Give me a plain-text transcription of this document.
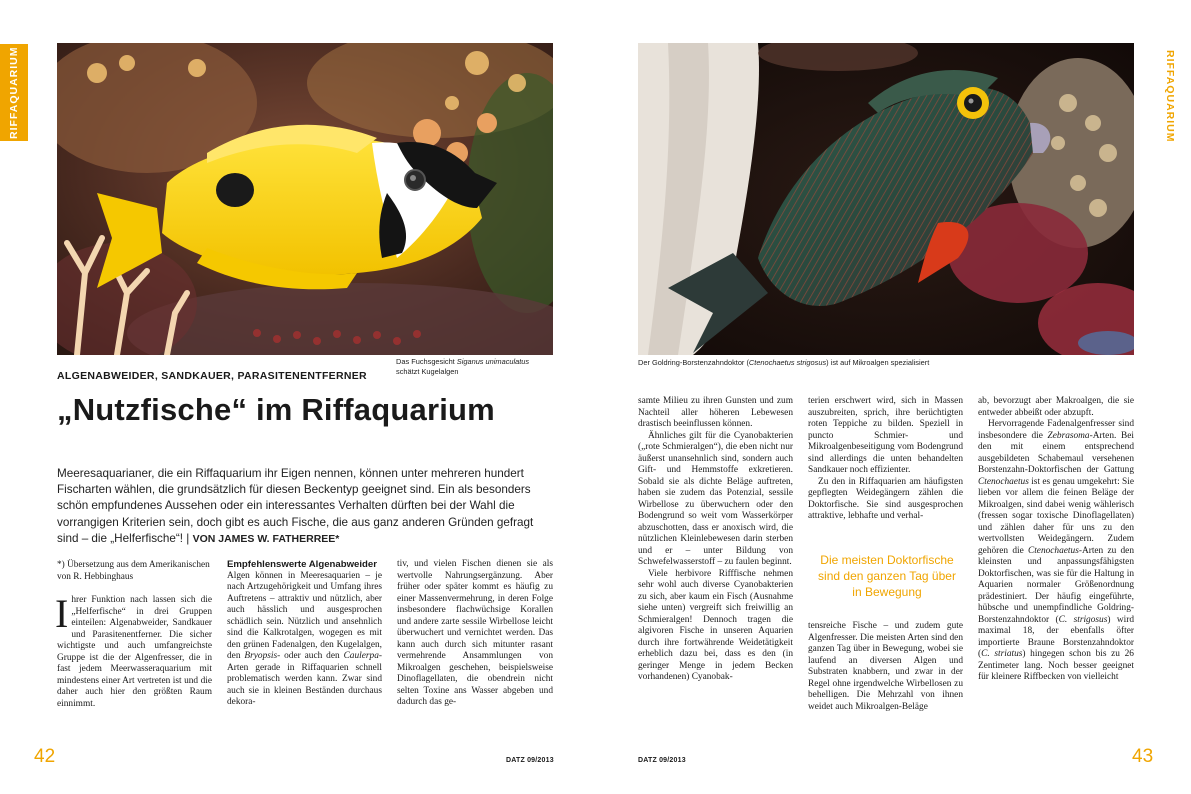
RIFFAQUARIUM
Das Fuchsgesicht Siganus unimaculatus
schätzt Kugelalgen
ALGENABWEIDER, SANDKAUER, PARASITENENTFERNER
„Nutzfische“ im Riffaquarium
Meeresaquarianer, die ein Riffaquarium ihr Eigen nennen, können unter mehreren hundert Fischarten wählen, die grundsätzlich für diesen Beckentyp geeignet sind. Ein als besonders schön empfundenes Aussehen oder ein interessantes Verhalten dürften bei der Wahl die vorrangigen Kriterien sein, doch gibt es auch Fische, die aus ganz anderen Gründen gefragt sind – die „Helferfische“! | VON JAMES W. FATHERREE*
*) Übersetzung aus dem Amerikanischen von R. Hebbinghaus

Ihrer Funktion nach lassen sich die „Helferfische“ in drei Gruppen einteilen: Algenabweider, Sandkauer und Parasitenentferner. Die sicher wichtigste und auch umfangreichste Gruppe ist die der Algenfresser, die in fast jedem Meerwasseraquarium mit mindestens einer Art vertreten ist und die daher auch hier den größten Raum einnimmt.

Empfehlenswerte Algenabweider

Algen können in Meeresaquarien – je nach Artzugehörigkeit und Umfang ihres Auftretens – attraktiv und nützlich, aber auch hässlich und ausgesprochen schädlich sein. Nützlich und ansehnlich sind die Kalkrotalgen, wogegen es mit den grünen Fadenalgen, den Kugelalgen, den Bryopsis- oder auch den Caulerpa-Arten gerade in Riffaquarien schnell problematisch werden kann. Zwar sind auch sie in kleinen Beständen durchaus dekora-

tiv, und vielen Fischen dienen sie als wertvolle Nahrungsergänzung. Aber früher oder später kommt es häufig zu einer Massenvermehrung, in deren Folge insbesondere flachwüchsige Korallen und andere zarte sessile Wirbellose leicht überwuchert und vernichtet werden. Das kann auch durch sich mitunter rasant vermehrende Ansammlungen von Mikroalgen geschehen, beispielsweise Dinoflagellaten, die obendrein nicht selten Toxine ans Wasser abgeben und dadurch das ge-

42	DATZ 09/2013
RIFFAQUARIUM
Der Goldring-Borstenzahndoktor (Ctenochaetus strigosus) ist auf Mikroalgen spezialisiert

samte Milieu zu ihren Gunsten und zum Nachteil aller höheren Lebewesen drastisch beeinflussen können.

Ähnliches gilt für die Cyanobakterien („rote Schmieralgen“), die eben nicht nur äußerst unansehnlich sind, sondern auch Gift- und Hemmstoffe exkretieren. Sobald sie als dichte Beläge auftreten, haben sie zudem das Potenzial, sessile Wirbellose zu überwuchern oder den Bodengrund so weit vom Wasserkörper abzuschotten, dass er anoxisch wird, die nützlichen Kleinlebewesen darin sterben und er – unter Bildung von Schwefelwasserstoff – zu faulen beginnt.

Viele herbivore Rifffische nehmen sehr wohl auch diverse Cyanobakterien zu sich, aber kaum ein Fisch (Ausnahme siehe unten) vergreift sich freiwillig an Schmieralgen! Dennoch tragen die algivoren Fische in unseren Aquarien durch ihre fortwährende Weidetätigkeit erheblich dazu bei, dass es den (in geringer Menge in jedem Becken vorhandenen) Cyanobak-

terien erschwert wird, sich in Massen auszubreiten, sprich, ihre berüchtigten roten Teppiche zu bilden. Speziell in puncto Schmier- und Mikroalgenbeseitigung vom Bodengrund sind allerdings die unten behandelten Sandkauer noch effizienter.

Zu den in Riffaquarien am häufigsten gepflegten Weidegängern zählen die Doktorfische. Sie sind ausgesprochen attraktive, lebhafte und verhal-

Die meisten Doktorfische sind den ganzen Tag über in Bewegung

tensreiche Fische – und zudem gute Algenfresser. Die meisten Arten sind den ganzen Tag über in Bewegung, wobei sie laufend an diversen Algen und Substraten knabbern, und zwar in der Regel ohne irgendwelche Wirbellosen zu behelligen. Die Mehrzahl von ihnen weidet auch Mikroalgen-Beläge

ab, bevorzugt aber Makroalgen, die sie entweder abbeißt oder abzupft.

Hervorragende Fadenalgenfresser sind insbesondere die Zebrasoma-Arten. Bei den mit einem entsprechend ausgebildeten Schabemaul versehenen Borstenzahn-Doktorfischen der Gattung Ctenochaetus ist es genau umgekehrt: Sie lieben vor allem die feinen Beläge der Mikroalgen, sind dabei wenig wählerisch (fressen sogar toxische Dinoflagellaten) und zählen daher für uns zu den wertvollsten Weidegängern. Zudem gehören die Ctenochaetus-Arten zu den kleinsten und anpassungsfähigsten Doktorfischen, was sie für die Haltung in Aquarien normaler Größenordnung prädestiniert. Der häufig eingeführte, hübsche und unempfindliche Goldring-Borstenzahndoktor (C. strigosus) wird maximal 18, der ebenfalls öfter importierte Braune Borstenzahndoktor (C. striatus) hingegen schon bis zu 26 Zentimeter lang. Noch besser geeignet für kleinere Riffbecken von vielleicht

DATZ 09/2013	43
